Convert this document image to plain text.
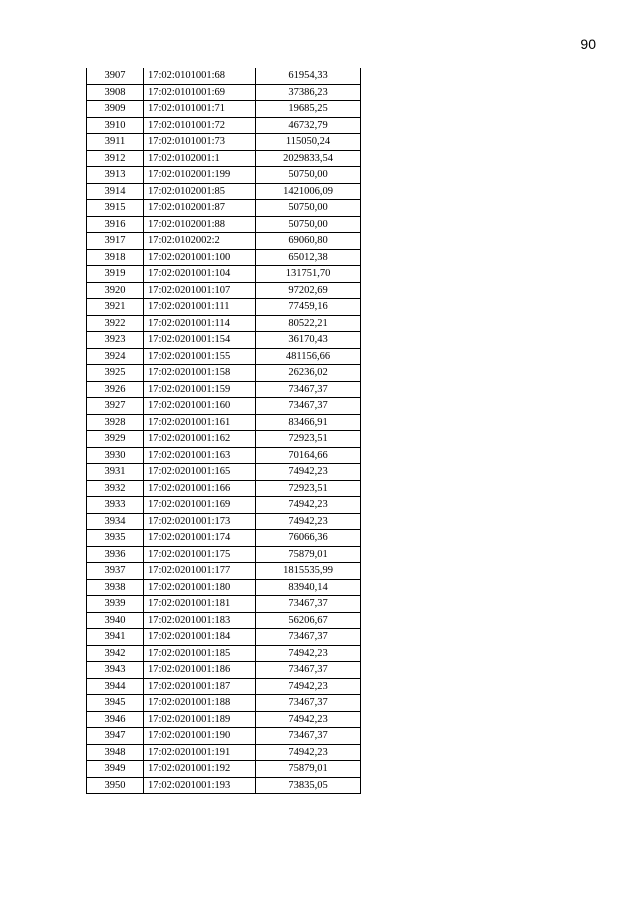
90
3907	17:02:0101001:68	61954,33
3908	17:02:0101001:69	37386,23
3909	17:02:0101001:71	19685,25
3910	17:02:0101001:72	46732,79
3911	17:02:0101001:73	115050,24
3912	17:02:0102001:1	2029833,54
3913	17:02:0102001:199	50750,00
3914	17:02:0102001:85	1421006,09
3915	17:02:0102001:87	50750,00
3916	17:02:0102001:88	50750,00
3917	17:02:0102002:2	69060,80
3918	17:02:0201001:100	65012,38
3919	17:02:0201001:104	131751,70
3920	17:02:0201001:107	97202,69
3921	17:02:0201001:111	77459,16
3922	17:02:0201001:114	80522,21
3923	17:02:0201001:154	36170,43
3924	17:02:0201001:155	481156,66
3925	17:02:0201001:158	26236,02
3926	17:02:0201001:159	73467,37
3927	17:02:0201001:160	73467,37
3928	17:02:0201001:161	83466,91
3929	17:02:0201001:162	72923,51
3930	17:02:0201001:163	70164,66
3931	17:02:0201001:165	74942,23
3932	17:02:0201001:166	72923,51
3933	17:02:0201001:169	74942,23
3934	17:02:0201001:173	74942,23
3935	17:02:0201001:174	76066,36
3936	17:02:0201001:175	75879,01
3937	17:02:0201001:177	1815535,99
3938	17:02:0201001:180	83940,14
3939	17:02:0201001:181	73467,37
3940	17:02:0201001:183	56206,67
3941	17:02:0201001:184	73467,37
3942	17:02:0201001:185	74942,23
3943	17:02:0201001:186	73467,37
3944	17:02:0201001:187	74942,23
3945	17:02:0201001:188	73467,37
3946	17:02:0201001:189	74942,23
3947	17:02:0201001:190	73467,37
3948	17:02:0201001:191	74942,23
3949	17:02:0201001:192	75879,01
3950	17:02:0201001:193	73835,05
